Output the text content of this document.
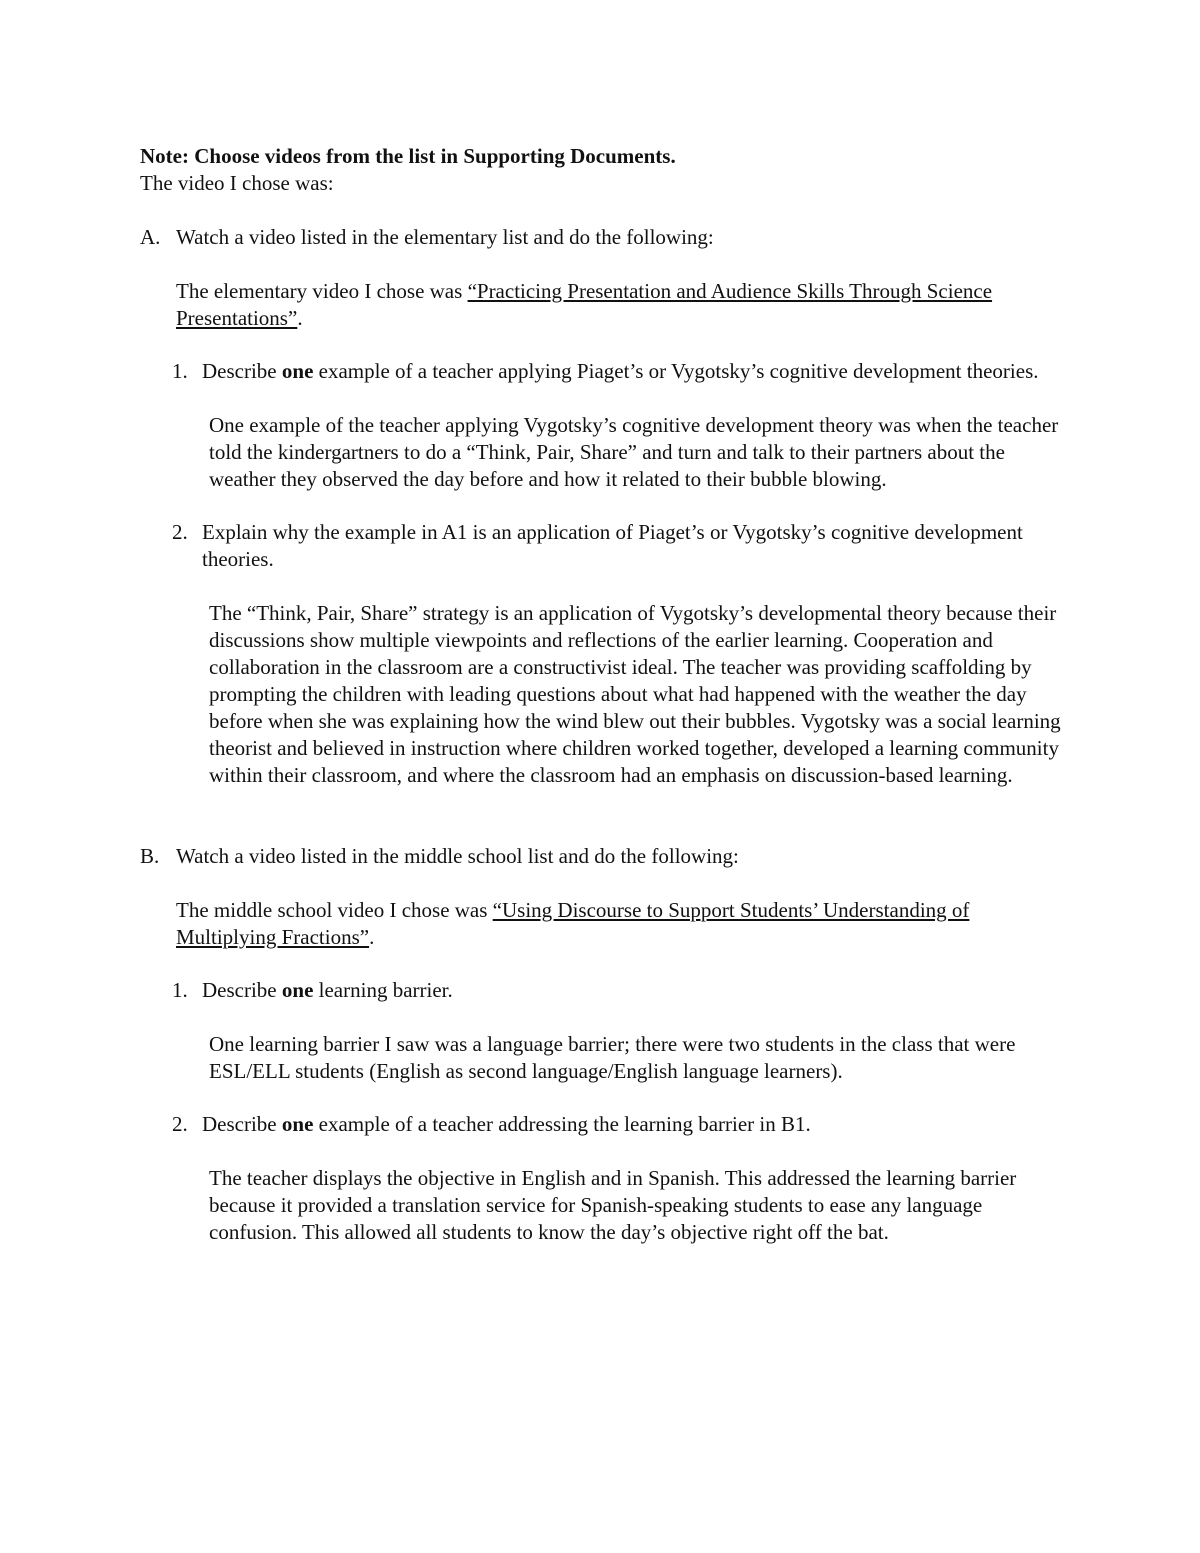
Note: Choose videos from the list in Supporting Documents.

The video I chose was:

A. Watch a video listed in the elementary list and do the following:

The elementary video I chose was “Practicing Presentation and Audience Skills Through Science Presentations”.

1. Describe one example of a teacher applying Piaget’s or Vygotsky’s cognitive development theories.

One example of the teacher applying Vygotsky’s cognitive development theory was when the teacher told the kindergartners to do a “Think, Pair, Share” and turn and talk to their partners about the weather they observed the day before and how it related to their bubble blowing.

2. Explain why the example in A1 is an application of Piaget’s or Vygotsky’s cognitive development theories.

The “Think, Pair, Share” strategy is an application of Vygotsky’s developmental theory because their discussions show multiple viewpoints and reflections of the earlier learning. Cooperation and collaboration in the classroom are a constructivist ideal. The teacher was providing scaffolding by prompting the children with leading questions about what had happened with the weather the day before when she was explaining how the wind blew out their bubbles. Vygotsky was a social learning theorist and believed in instruction where children worked together, developed a learning community within their classroom, and where the classroom had an emphasis on discussion-based learning.

B. Watch a video listed in the middle school list and do the following:

The middle school video I chose was “Using Discourse to Support Students’ Understanding of Multiplying Fractions”.

1. Describe one learning barrier.

One learning barrier I saw was a language barrier; there were two students in the class that were ESL/ELL students (English as second language/English language learners).

2. Describe one example of a teacher addressing the learning barrier in B1.

The teacher displays the objective in English and in Spanish. This addressed the learning barrier because it provided a translation service for Spanish-speaking students to ease any language confusion. This allowed all students to know the day’s objective right off the bat.
